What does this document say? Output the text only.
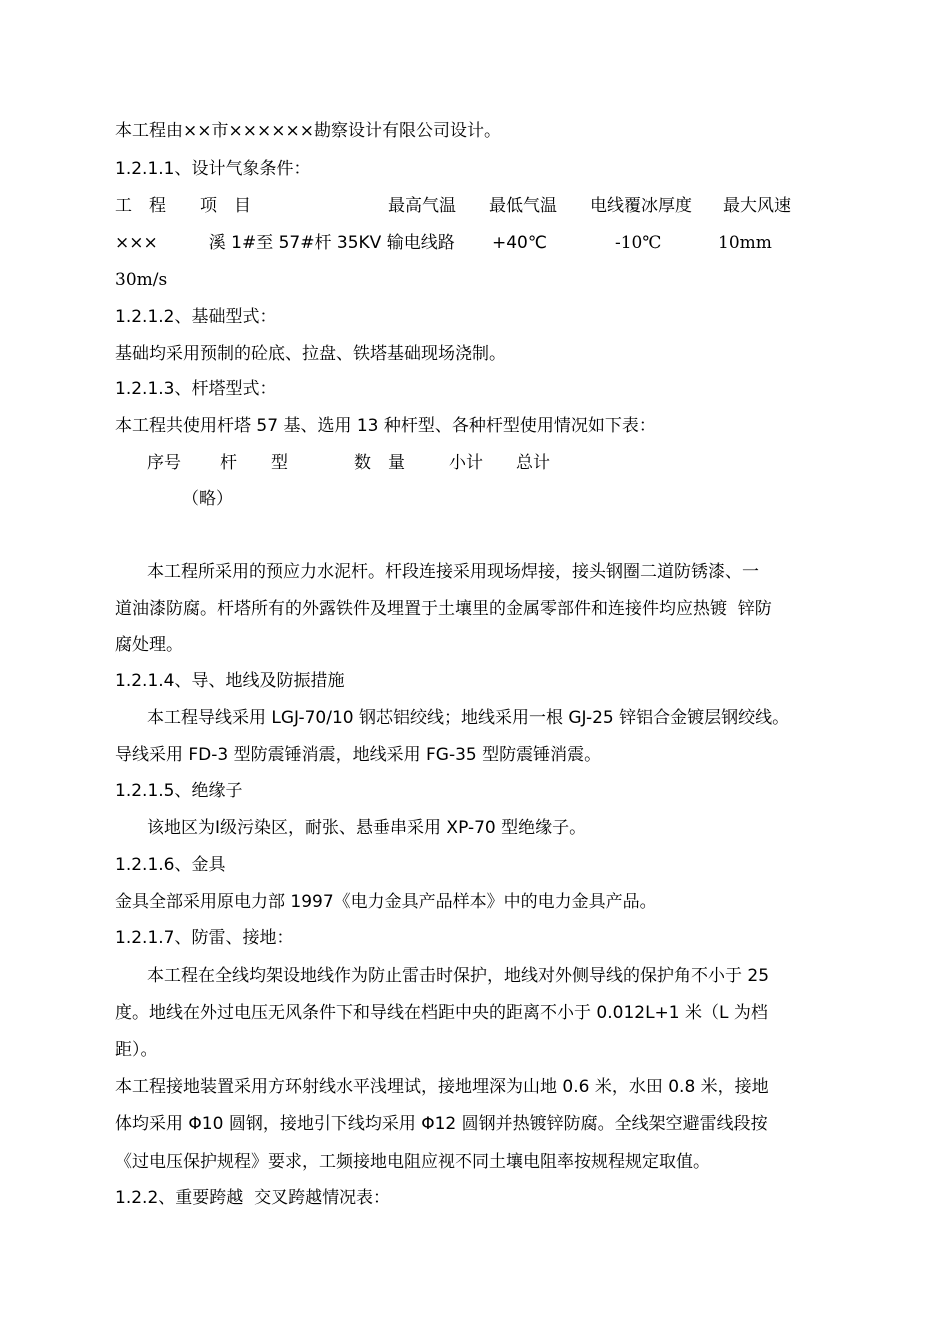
本工程由××市××××××勘察设计有限公司设计。
1.2.1.1、设计气象条件：
工　程　　项　目	最高气温 最低气温 电线覆冰厚度 最大风速
×××　　　溪 1#至 57#杆 35KV 输电线路 +40℃	-10℃	10mm
30m/s
1.2.1.2、基础型式：
基础均采用预制的砼底、拉盘、铁塔基础现场浇制。
1.2.1.3、杆塔型式：
本工程共使用杆塔 57 基、选用 13 种杆型、各种杆型使用情况如下表：
序号 杆　　型	数　量	小计 总计
（略）
本工程所采用的预应力水泥杆。杆段连接采用现场焊接，接头钢圈二道防锈漆、一
道油漆防腐。杆塔所有的外露铁件及埋置于土壤里的金属零部件和连接件均应热镀  锌防
腐处理。
1.2.1.4、导、地线及防振措施
本工程导线采用 LGJ-70/10 钢芯铝绞线；地线采用一根 GJ-25 锌铝合金镀层钢绞线。
导线采用 FD-3 型防震锤消震，地线采用 FG-35 型防震锤消震。
1.2.1.5、绝缘子
该地区为Ⅰ级污染区，耐张、悬垂串采用 XP-70 型绝缘子。
1.2.1.6、金具
金具全部采用原电力部 1997《电力金具产品样本》中的电力金具产品。
1.2.1.7、防雷、接地：
本工程在全线均架设地线作为防止雷击时保护，地线对外侧导线的保护角不小于 25
度。地线在外过电压无风条件下和导线在档距中央的距离不小于 0.012L+1 米（L 为档
距）。
本工程接地装置采用方环射线水平浅埋试，接地埋深为山地 0.6 米，水田 0.8 米，接地
体均采用 Φ10 圆钢，接地引下线均采用 Φ12 圆钢并热镀锌防腐。全线架空避雷线段按
《过电压保护规程》要求，工频接地电阻应视不同土壤电阻率按规程规定取值。
1.2.2、重要跨越  交叉跨越情况表：
